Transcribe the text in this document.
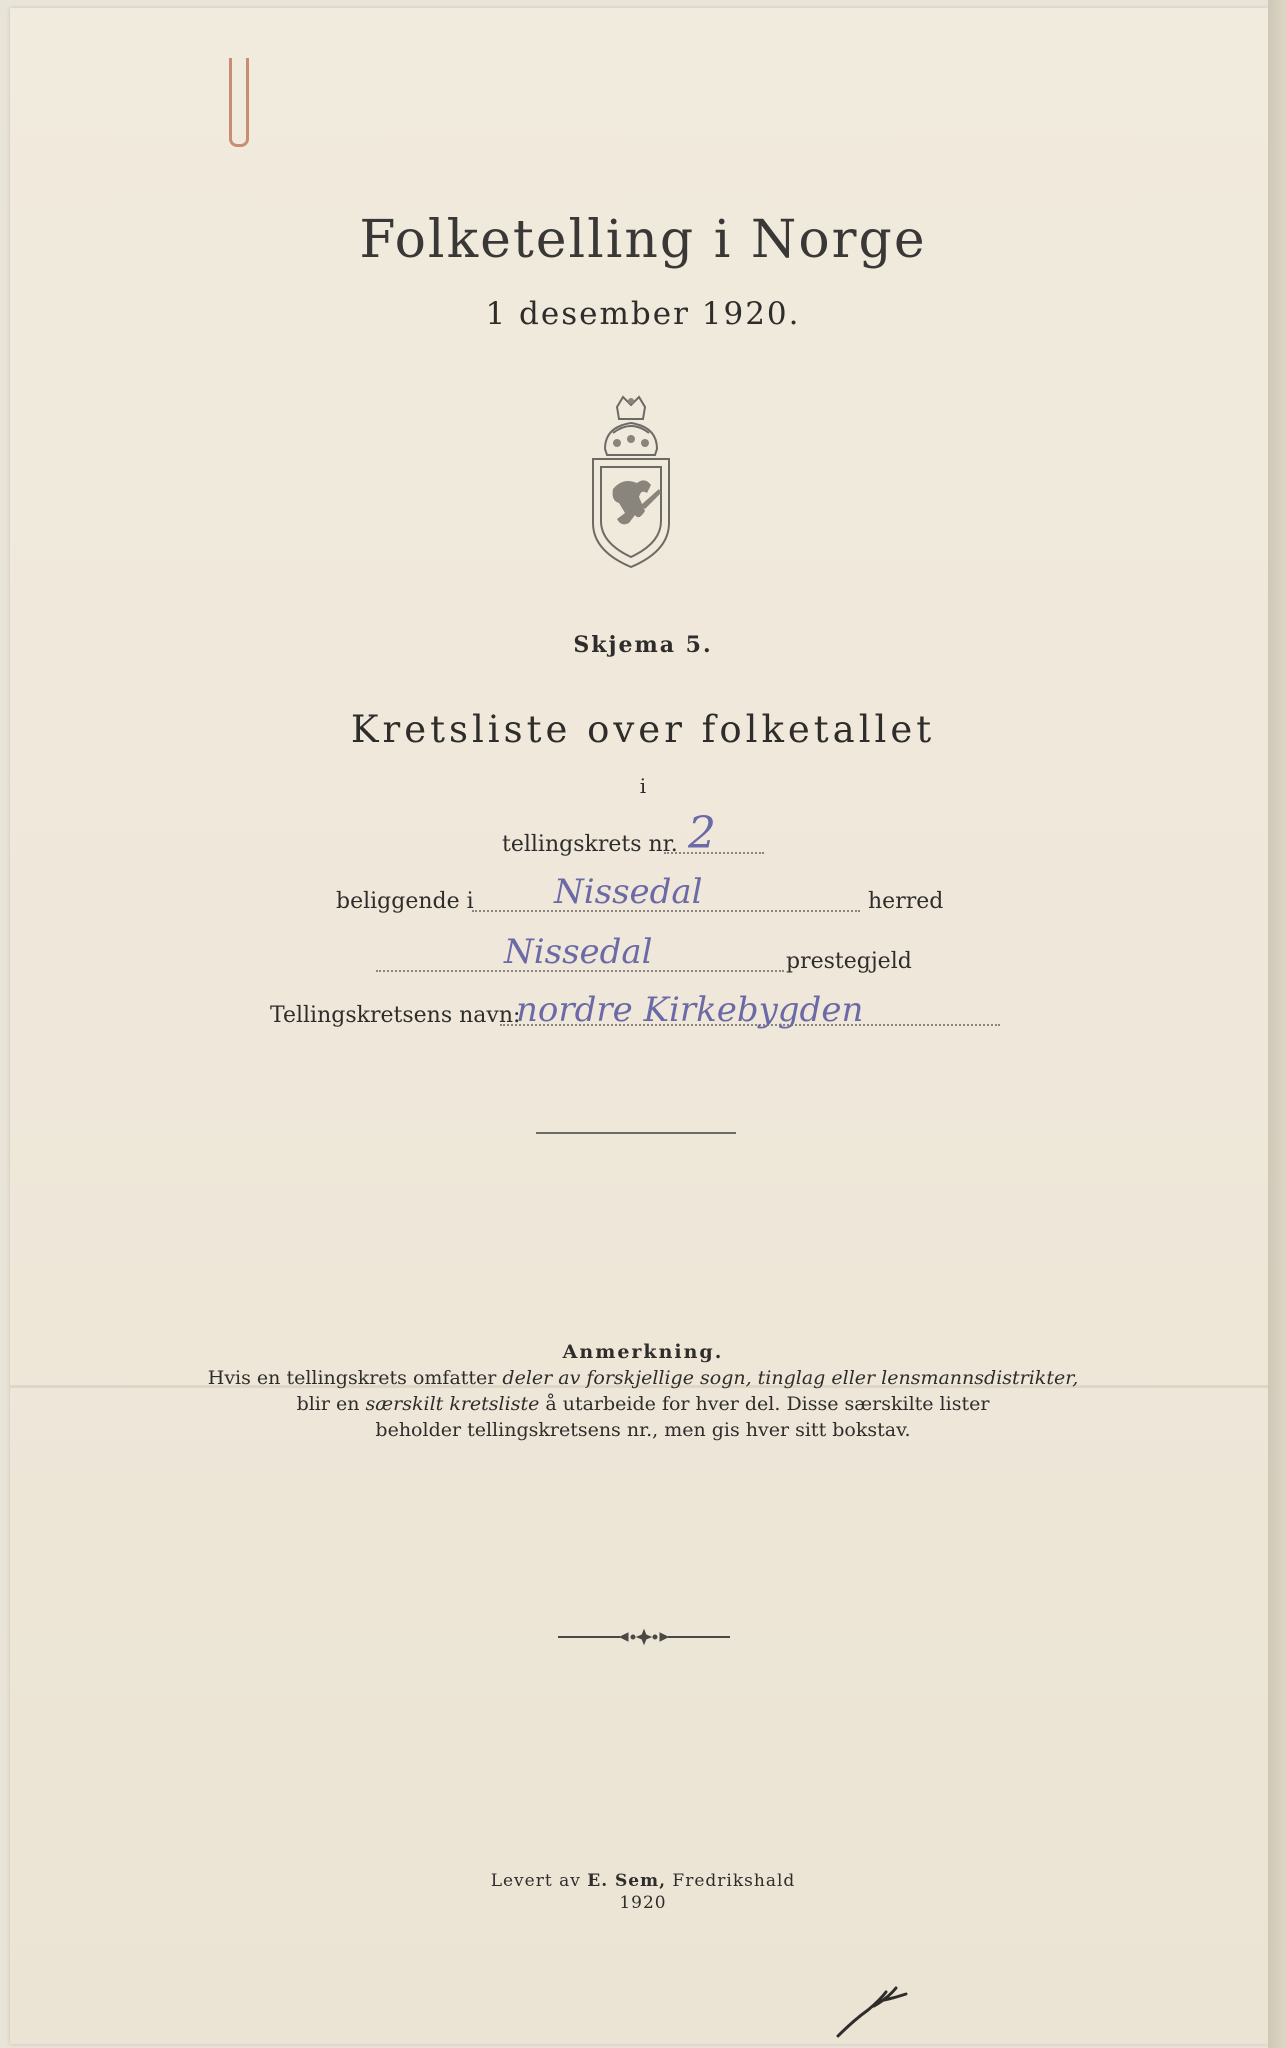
Folketelling i Norge
1 desember 1920.
Skjema 5.
Kretsliste over folketallet
i
tellingskrets nr. 2
beliggende i Nissedal	herred
Nissedal	prestegjeld
Tellingskretsens navn:
nordre Kirkebygden
Anmerkning.
Hvis en tellingskrets omfatter deler av forskjellige sogn, tinglag eller lensmannsdistrikter,
blir en særskilt kretsliste å utarbeide for hver del. Disse særskilte lister
beholder tellingskretsens nr., men gis hver sitt bokstav.
Levert av E. Sem, Fredrikshald
1920
